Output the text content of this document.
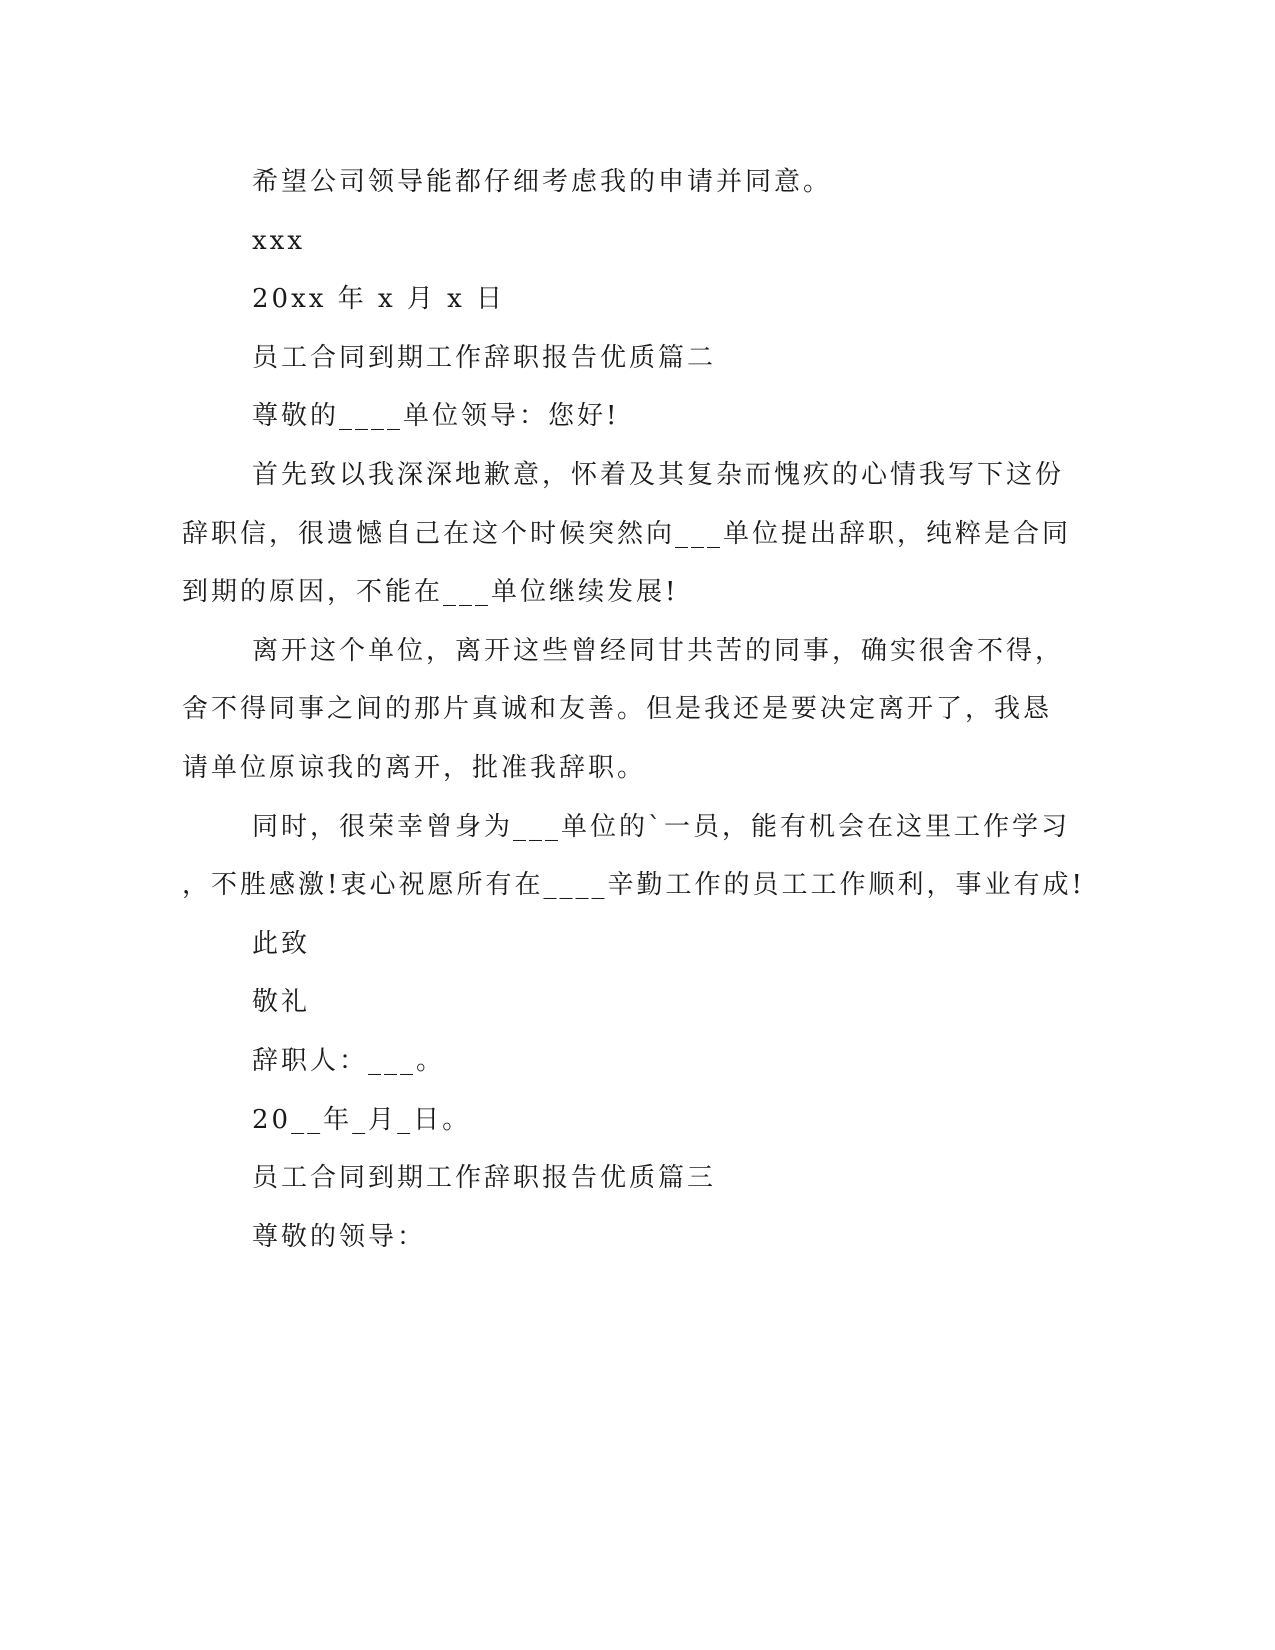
希望公司领导能都仔细考虑我的申请并同意。
xxx
20xx 年 x 月 x 日
员工合同到期工作辞职报告优质篇二
尊敬的____单位领导：您好!
首先致以我深深地歉意，怀着及其复杂而愧疚的心情我写下这份
辞职信，很遗憾自己在这个时候突然向___单位提出辞职，纯粹是合同
到期的原因，不能在___单位继续发展!
离开这个单位，离开这些曾经同甘共苦的同事，确实很舍不得，
舍不得同事之间的那片真诚和友善。但是我还是要决定离开了，我恳
请单位原谅我的离开，批准我辞职。
同时，很荣幸曾身为___单位的`一员，能有机会在这里工作学习
，不胜感激!衷心祝愿所有在____辛勤工作的员工工作顺利，事业有成!
此致
敬礼
辞职人：___。
20__年_月_日。
员工合同到期工作辞职报告优质篇三
尊敬的领导：
